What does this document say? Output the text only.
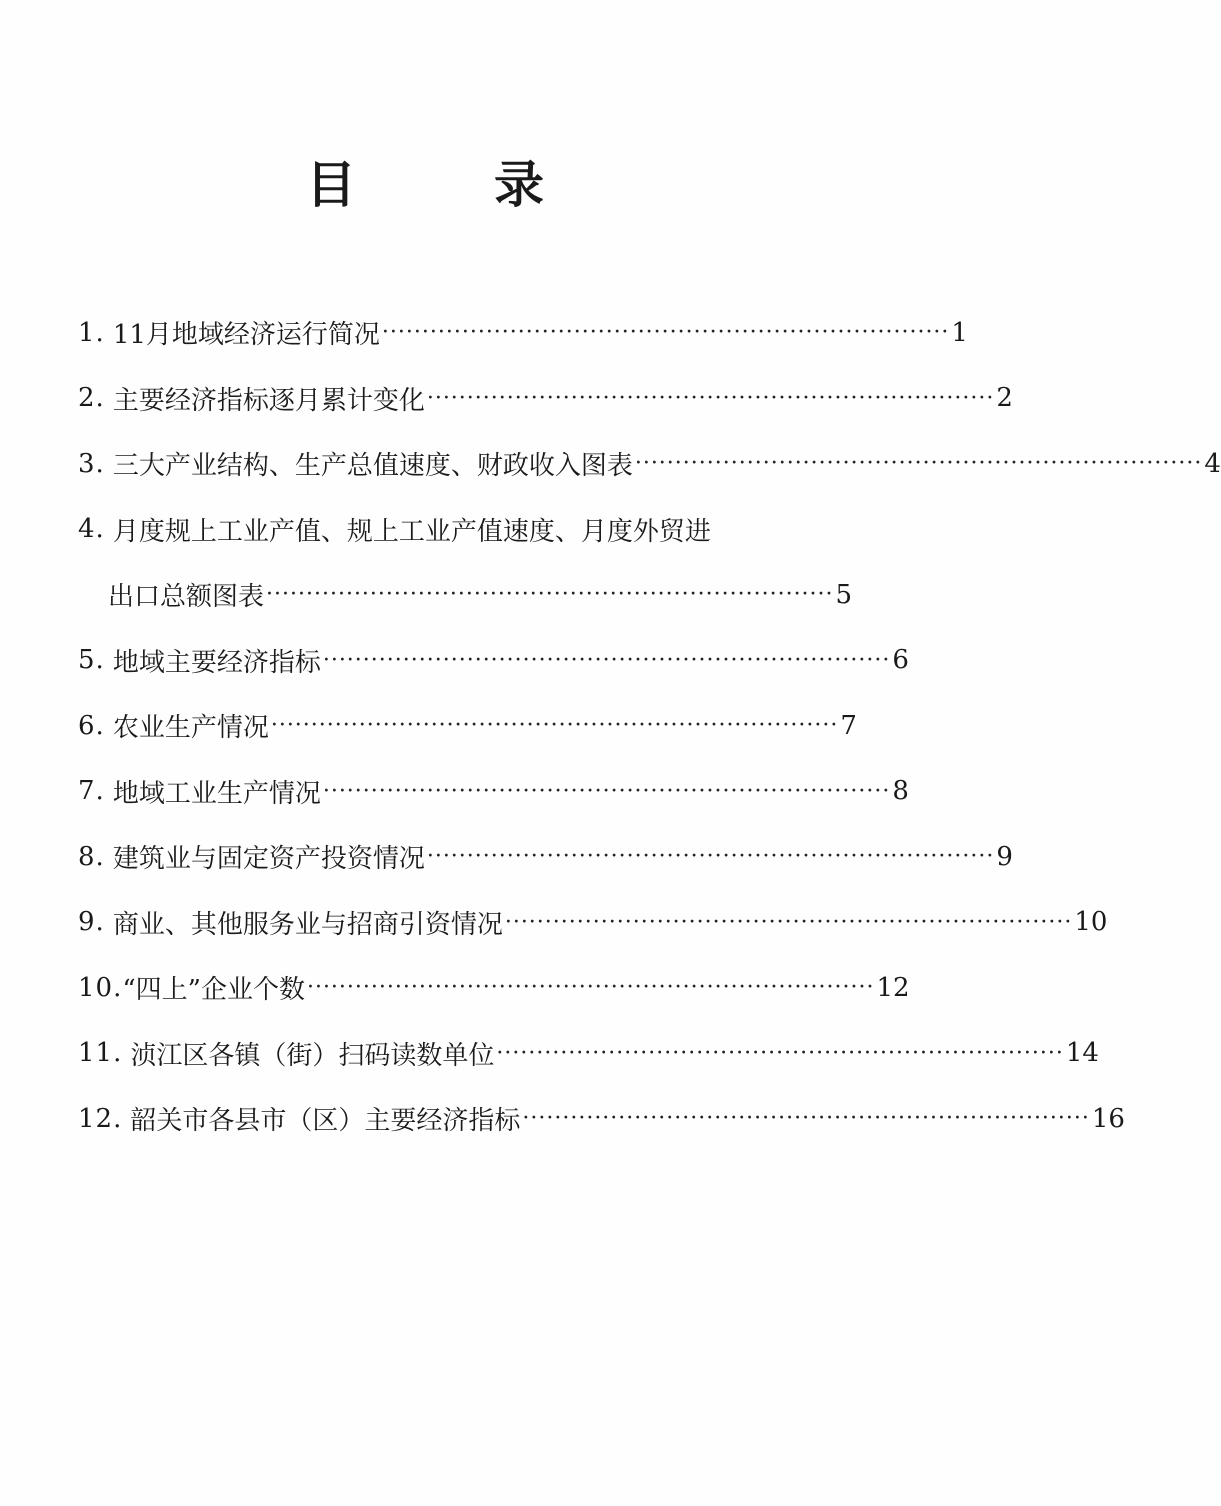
目　录
1. 11月地域经济运行简况 ······································································· 1
2. 主要经济指标逐月累计变化 ······································································· 2
3. 三大产业结构、生产总值速度、财政收入图表 ······································································· 4
4. 月度规上工业产值、规上工业产值速度、月度外贸进
出口总额图表 ······································································· 5
5. 地域主要经济指标 ······································································· 6
6. 农业生产情况 ······································································· 7
7. 地域工业生产情况 ······································································· 8
8. 建筑业与固定资产投资情况 ······································································· 9
9. 商业、其他服务业与招商引资情况 ······································································· 10
10. “四上”企业个数 ······································································· 12
11. 浈江区各镇（街）扫码读数单位 ······································································· 14
12. 韶关市各县市（区）主要经济指标 ······································································· 16
